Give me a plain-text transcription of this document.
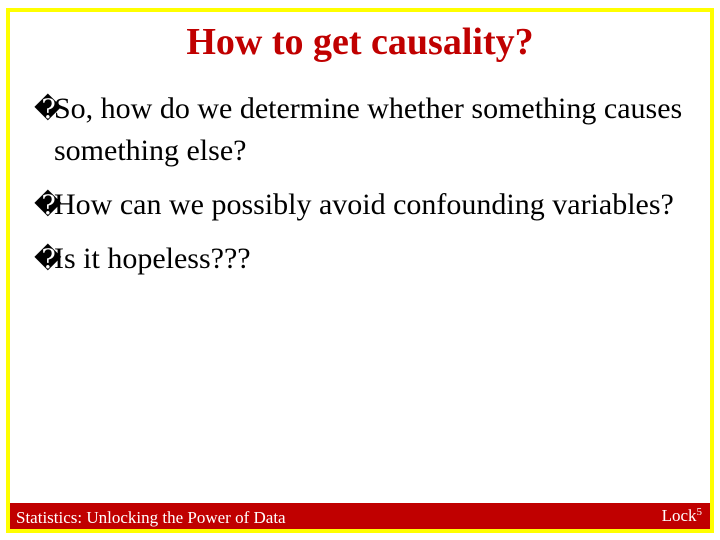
How to get causality?
�
So, how do we determine whether something causes something else?
�
How can we possibly avoid confounding variables?
�
Is it hopeless???
Statistics: Unlocking the Power of Data	Lock$^5$
